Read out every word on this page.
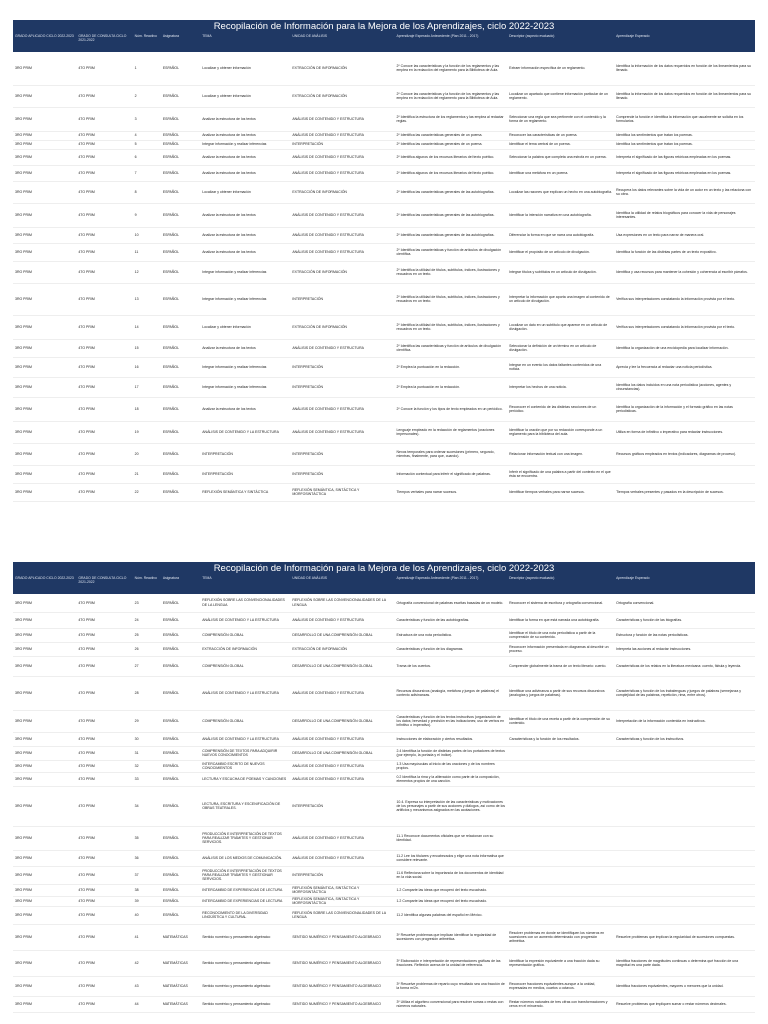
Recopilación de Información para la Mejora de los Aprendizajes, ciclo 2022-2023								
GRADO APLICADO CICLO 2022-2023	GRADO DE CONSULTA CICLO 2021-2022	Núm. Reactivo	Asignatura	TEMA	UNIDAD DE ANÁLISIS	Aprendizaje Esperado Antecedente (Plan 2011 - 2017)	Descriptor (aspecto evaluado)	Aprendizaje Esperado
3RO PRIM	4TO PRIM	1	ESPAÑOL	Localizar y obtener información	EXTRACCIÓN DE INFORMACIÓN	2º Conoce las características y la función de los reglamentos y las emplea en la redacción del reglamento para la Biblioteca de Aula.	Extraer información específica de un reglamento.	Identifica la información de los datos requeridos en función de los lineamientos para su llenado.
3RO PRIM	4TO PRIM	2	ESPAÑOL	Localizar y obtener información	EXTRACCIÓN DE INFORMACIÓN	2º Conoce las características y la función de los reglamentos y las emplea en la redacción del reglamento para la Biblioteca de Aula.	Localizar un apartado que contiene información particular de un reglamento.	Identifica la información de los datos requeridos en función de los lineamientos para su llenado.
3RO PRIM	4TO PRIM	3	ESPAÑOL	Analizar la estructura de los textos	ANÁLISIS DE CONTENIDO Y ESTRUCTURA	2º Identifica la estructura de los reglamentos y las emplea al redactar reglas.	Seleccionar una regla que sea pertinente con el contenido y la forma de un reglamento.	Comprende la función e identifica la información que usualmente se solicita en los formularios.
3RO PRIM	4TO PRIM	4	ESPAÑOL	Analizar la estructura de los textos	ANÁLISIS DE CONTENIDO Y ESTRUCTURA	2º Identifica las características generales de un poema.	Reconocer las características de un poema.	Identifica los sentimientos que tratan los poemas.
3RO PRIM	4TO PRIM	5	ESPAÑOL	Integrar información y realizar inferencias	INTERPRETACIÓN	2º Identifica las características generales de un poema.	Identificar el tema central de un poema.	Identifica los sentimientos que tratan los poemas.
3RO PRIM	4TO PRIM	6	ESPAÑOL	Analizar la estructura de los textos	ANÁLISIS DE CONTENIDO Y ESTRUCTURA	2º Identifica algunos de los recursos literarios del texto poético.	Seleccionar la palabra que completa una estrofa en un poema.	Interpreta el significado de las figuras retóricas empleadas en los poemas.
3RO PRIM	4TO PRIM	7	ESPAÑOL	Analizar la estructura de los textos	ANÁLISIS DE CONTENIDO Y ESTRUCTURA	2º Identifica algunos de los recursos literarios del texto poético.	Identificar una metáfora en un poema.	Interpreta el significado de las figuras retóricas empleadas en los poemas.
3RO PRIM	4TO PRIM	8	ESPAÑOL	Localizar y obtener información	EXTRACCIÓN DE INFORMACIÓN	2º Identifica las características generales de las autobiografías.	Localizar las razones que explican un hecho en una autobiografía.	Recupera los datos relevantes sobre la vida de un autor en un texto y las relaciona con su obra.
3RO PRIM	4TO PRIM	9	ESPAÑOL	Analizar la estructura de los textos	ANÁLISIS DE CONTENIDO Y ESTRUCTURA	2º Identifica las características generales de las autobiografías.	Identificar la intención narrativa en una autobiografía.	Identifica la utilidad de relatos biográficos para conocer la vida de personajes interesantes.
3RO PRIM	4TO PRIM	10	ESPAÑOL	Analizar la estructura de los textos	ANÁLISIS DE CONTENIDO Y ESTRUCTURA	2º Identifica las características generales de las autobiografías.	Diferenciar la forma en que se narra una autobiografía.	Usa expresiones en un texto para narrar de manera oral.
3RO PRIM	4TO PRIM	11	ESPAÑOL	Analizar la estructura de los textos	ANÁLISIS DE CONTENIDO Y ESTRUCTURA	2º Identifica las características y función de artículos de divulgación científica.	Identificar el propósito de un artículo de divulgación.	Identifica la función de las distintas partes de un texto expositivo.
3RO PRIM	4TO PRIM	12	ESPAÑOL	Integrar información y realizar inferencias	EXTRACCIÓN DE INFORMACIÓN	2º Identifica la utilidad de títulos, subtítulos, índices, ilustraciones y recuadros en un texto.	Integrar títulos y subtítulos en un artículo de divulgación.	Identifica y usa recursos para mantener la cohesión y coherencia al escribir párrafos.
3RO PRIM	4TO PRIM	13	ESPAÑOL	Integrar información y realizar inferencias	INTERPRETACIÓN	2º Identifica la utilidad de títulos, subtítulos, índices, ilustraciones y recuadros en un texto.	Interpretar la información que aporta una imagen al contenido de un artículo de divulgación.	Verifica sus interpretaciones constatando la información provista por el texto.
3RO PRIM	4TO PRIM	14	ESPAÑOL	Localizar y obtener información	EXTRACCIÓN DE INFORMACIÓN	2º Identifica la utilidad de títulos, subtítulos, índices, ilustraciones y recuadros en un texto.	Localizar un dato en un subtítulo que aparece en un artículo de divulgación.	Verifica sus interpretaciones constatando la información provista por el texto.
3RO PRIM	4TO PRIM	15	ESPAÑOL	Analizar la estructura de los textos	ANÁLISIS DE CONTENIDO Y ESTRUCTURA	2º Identifica las características y función de artículos de divulgación científica.	Seleccionar la definición de un término en un artículo de divulgación.	Identifica la organización de una enciclopedia para localizar información.
3RO PRIM	4TO PRIM	16	ESPAÑOL	Integrar información y realizar inferencias	INTERPRETACIÓN	2º Emplea la puntuación en la redacción.	Integrar en un evento los datos faltantes contenidos de una noticia.	Aprecia y lee la frecuencia al redactar una noticia periodística.
3RO PRIM	4TO PRIM	17	ESPAÑOL	Integrar información y realizar inferencias	INTERPRETACIÓN	2º Emplea la puntuación en la redacción.	Interpretar los hechos de una noticia.	Identifica los datos incluidos en una nota periodística (acciones, agentes y circunstancias).
3RO PRIM	4TO PRIM	18	ESPAÑOL	Analizar la estructura de los textos	ANÁLISIS DE CONTENIDO Y ESTRUCTURA	2º Conoce la función y los tipos de texto empleados en un periódico.	Reconocer el contenido de las distintas secciones de un periódico.	Identifica la organización de la información y el formato gráfico en las notas periodísticas.
3RO PRIM	4TO PRIM	19	ESPAÑOL	ANÁLISIS DE CONTENIDO Y LA ESTRUCTURA	ANÁLISIS DE CONTENIDO Y ESTRUCTURA	Lenguaje empleado en la redacción de reglamentos (oraciones impersonales).	Identificar la oración que por su redacción corresponde a un reglamento para la biblioteca del aula.	Utiliza en forma de infinitivo o imperativo para redactar instrucciones.
3RO PRIM	4TO PRIM	20	ESPAÑOL	INTERPRETACIÓN	INTERPRETACIÓN	Nexos temporales para ordenar sucesiones (primero, segundo, mientras, finalmente, para que, cuando).	Relacionar información textual con una imagen.	Recursos gráficos empleados en textos (indicadores, diagramas de proceso).
3RO PRIM	4TO PRIM	21	ESPAÑOL	INTERPRETACIÓN	INTERPRETACIÓN	Información contextual para inferir el significado de palabras.	Inferir el significado de una palabra a partir del contexto en el que ésta se encuentra.	
3RO PRIM	4TO PRIM	22	ESPAÑOL	REFLEXIÓN SEMÁNTICA Y SINTÁCTICA	REFLEXIÓN SEMÁNTICA, SINTÁCTICA Y MORFOSINTÁCTICA	Tiempos verbales para narrar sucesos.	Identificar tiempos verbales para narrar sucesos.	Tiempos verbales presentes y pasados en la descripción de sucesos.
Recopilación de Información para la Mejora de los Aprendizajes, ciclo 2022-2023								
GRADO APLICADO CICLO 2022-2023	GRADO DE CONSULTA CICLO 2021-2022	Núm. Reactivo	Asignatura	TEMA	UNIDAD DE ANÁLISIS	Aprendizaje Esperado Antecedente (Plan 2011 - 2017)	Descriptor (aspecto evaluado)	Aprendizaje Esperado
3RO PRIM	4TO PRIM	23	ESPAÑOL	REFLEXIÓN SOBRE LAS CONVENCIONALIDADES DE LA LENGUA	REFLEXIÓN SOBRE LAS CONVENCIONALIDADES DE LA LENGUA	Ortografía convencional de palabras escritas basadas de un modelo.	Reconocer el sistema de escritura y ortografía convencional.	Ortografía convencional.
3RO PRIM	4TO PRIM	24	ESPAÑOL	ANÁLISIS DE CONTENIDO Y LA ESTRUCTURA	ANÁLISIS DE CONTENIDO Y ESTRUCTURA	Características y función de las autobiografías.	Identificar la forma en que está narrada una autobiografía.	Características y función de las biografías.
3RO PRIM	4TO PRIM	25	ESPAÑOL	COMPRENSIÓN GLOBAL	DESARROLLO DE UNA COMPRENSIÓN GLOBAL	Estructura de una nota periodística.	Identificar el título de una nota periodística a partir de la comprensión de su contenido.	Estructura y función de las notas periodísticas.
3RO PRIM	4TO PRIM	26	ESPAÑOL	EXTRACCIÓN DE INFORMACIÓN	EXTRACCIÓN DE INFORMACIÓN	Características y función de los diagramas.	Reconocer información presentada en diagramas al describir un proceso.	Interpreta las acciones al redactar instrucciones.
3RO PRIM	4TO PRIM	27	ESPAÑOL	COMPRENSIÓN GLOBAL	DESARROLLO DE UNA COMPRENSIÓN GLOBAL	Trama de los cuentos.	Comprender globalmente la trama de un texto literario: cuento.	Características de los relatos en la literatura mexicana: cuento, fábula y leyenda.
3RO PRIM	4TO PRIM	28	ESPAÑOL	ANÁLISIS DE CONTENIDO Y LA ESTRUCTURA	ANÁLISIS DE CONTENIDO Y ESTRUCTURA	Recursos discursivos (analogía, metáfora y juegos de palabras) el contexto adivinanzas.	Identificar una adivinanza a partir de sus recursos discursivos (analogías y juegos de palabras).	Características y función de los trabalenguas y juegos de palabras (semejanza y complejidad de las palabras, repetición, rima, entre otros).
3RO PRIM	4TO PRIM	29	ESPAÑOL	COMPRENSIÓN GLOBAL	DESARROLLO DE UNA COMPRENSIÓN GLOBAL	Características y función de los textos instructivos (organización de los datos; brevedad y precisión en las indicaciones; uso de verbos en infinitivo o imperativo).	Identificar el título de una receta a partir de la comprensión de su contenido.	Interpretación de la información contenida en instructivos.
3RO PRIM	4TO PRIM	30	ESPAÑOL	ANÁLISIS DE CONTENIDO Y LA ESTRUCTURA	ANÁLISIS DE CONTENIDO Y ESTRUCTURA	Instrucciones de elaboración y ciertos resultados.	Características y la función de los resultados.	Características y función de los instructivos.
3RO PRIM	4TO PRIM	31	ESPAÑOL	COMPRENSIÓN DE TEXTOS PARA ADQUIRIR NUEVOS CONOCIMIENTOS	DESARROLLO DE UNA COMPRENSIÓN GLOBAL	2.4 Identifica la función de distintas partes de los portadores de textos (por ejemplo, la portada y el índice).		
3RO PRIM	4TO PRIM	32	ESPAÑOL	INTERCAMBIO ESCRITO DE NUEVOS CONOCIMIENTOS	ANÁLISIS DE CONTENIDO Y ESTRUCTURA	1.3 Usa mayúsculas al inicio de las oraciones y de los nombres propios.		
3RO PRIM	4TO PRIM	33	ESPAÑOL	LECTURA Y ESCUCHA DE POEMAS Y CANCIONES	ANÁLISIS DE CONTENIDO Y ESTRUCTURA	0.2 Identifica la rima y la aliteración como parte de la composición, elementos propios de una canción.		
3RO PRIM	4TO PRIM	34	ESPAÑOL	LECTURA, ESCRITURA Y ESCENIFICACIÓN DE OBRAS TEATRALES.	INTERPRETACIÓN	10.4. Expresa su interpretación de las características y motivaciones de los personajes a partir de sus acciones y diálogos, así como de los artificios y mecanismos asignados en las acotaciones.		
3RO PRIM	4TO PRIM	35	ESPAÑOL	PRODUCCIÓN E INTERPRETACIÓN DE TEXTOS PARA REALIZAR TRÁMITES Y GESTIONAR SERVICIOS.	ANÁLISIS DE CONTENIDO Y ESTRUCTURA	11.1 Reconoce documentos oficiales que se relacionan con su identidad.		
3RO PRIM	4TO PRIM	36	ESPAÑOL	ANÁLISIS DE LOS MEDIOS DE COMUNICACIÓN.	ANÁLISIS DE CONTENIDO Y ESTRUCTURA	11.2 Lee los títulares y encabezados y elige una nota informativa que considere relevante.		
3RO PRIM	4TO PRIM	37	ESPAÑOL	PRODUCCIÓN E INTERPRETACIÓN DE TEXTOS PARA REALIZAR TRÁMITES Y GESTIONAR SERVICIOS.	INTERPRETACIÓN	11.6 Reflexiona sobre la importancia de los documentos de identidad en la vida social.		
3RO PRIM	4TO PRIM	38	ESPAÑOL	INTERCAMBIO DE EXPERIENCIAS DE LECTURA	REFLEXIÓN SEMÁNTICA, SINTÁCTICA Y MORFOSINTÁCTICA	1.2 Comparte las ideas que recuperó del texto escuchado.		
3RO PRIM	4TO PRIM	39	ESPAÑOL	INTERCAMBIO DE EXPERIENCIAS DE LECTURA	REFLEXIÓN SEMÁNTICA, SINTÁCTICA Y MORFOSINTÁCTICA	1.2 Comparte las ideas que recuperó del texto escuchado.		
3RO PRIM	4TO PRIM	40	ESPAÑOL	RECONOCIMIENTO DE LA DIVERSIDAD LINGÜÍSTICA Y CULTURAL	REFLEXIÓN SOBRE LAS CONVENCIONALIDADES DE LA LENGUA	11.2 Identifica algunas palabras del español en México.		
3RO PRIM	4TO PRIM	41	MATEMÁTICAS	Sentido numérico y pensamiento algebraico	SENTIDO NUMÉRICO Y PENSAMIENTO ALGEBRAICO	3º Resuelve problemas que implican identificar la regularidad de sucesiones con progresión aritmética.	Resolver problemas en donde se identifiquen los números en sucesiones con un aumento determinado con progresión aritmética.	Resuelve problemas que implican la regularidad de sucesiones compuestas.
3RO PRIM	4TO PRIM	42	MATEMÁTICAS	Sentido numérico y pensamiento algebraico	SENTIDO NUMÉRICO Y PENSAMIENTO ALGEBRAICO	3º Elaboración e interpretación de representaciones gráficas de las fracciones. Reflexión acerca de la unidad de referencia.	Identificar la expresión equivalente a una fracción dada su representación gráfica.	Identifica fracciones de magnitudes continuas o determina qué fracción de una magnitud es una parte dada.
3RO PRIM	4TO PRIM	43	MATEMÁTICAS	Sentido numérico y pensamiento algebraico	SENTIDO NUMÉRICO Y PENSAMIENTO ALGEBRAICO	3º Resuelve problemas de reparto cuyo resultado sea una fracción de la forma m/2n.	Reconocer fracciones equivalentes aunque a la unidad, expresadas en medios, cuartos u octavos.	Identifica fracciones equivalentes, mayores o menores que la unidad.
3RO PRIM	4TO PRIM	44	MATEMÁTICAS	Sentido numérico y pensamiento algebraico	SENTIDO NUMÉRICO Y PENSAMIENTO ALGEBRAICO	3º Utiliza el algoritmo convencional para resolver sumas o restas con números naturales.	Restar números naturales de tres cifras con transformaciones y ceros en el minuendo.	Resuelve problemas que impliquen sumar o restar números decimales.
